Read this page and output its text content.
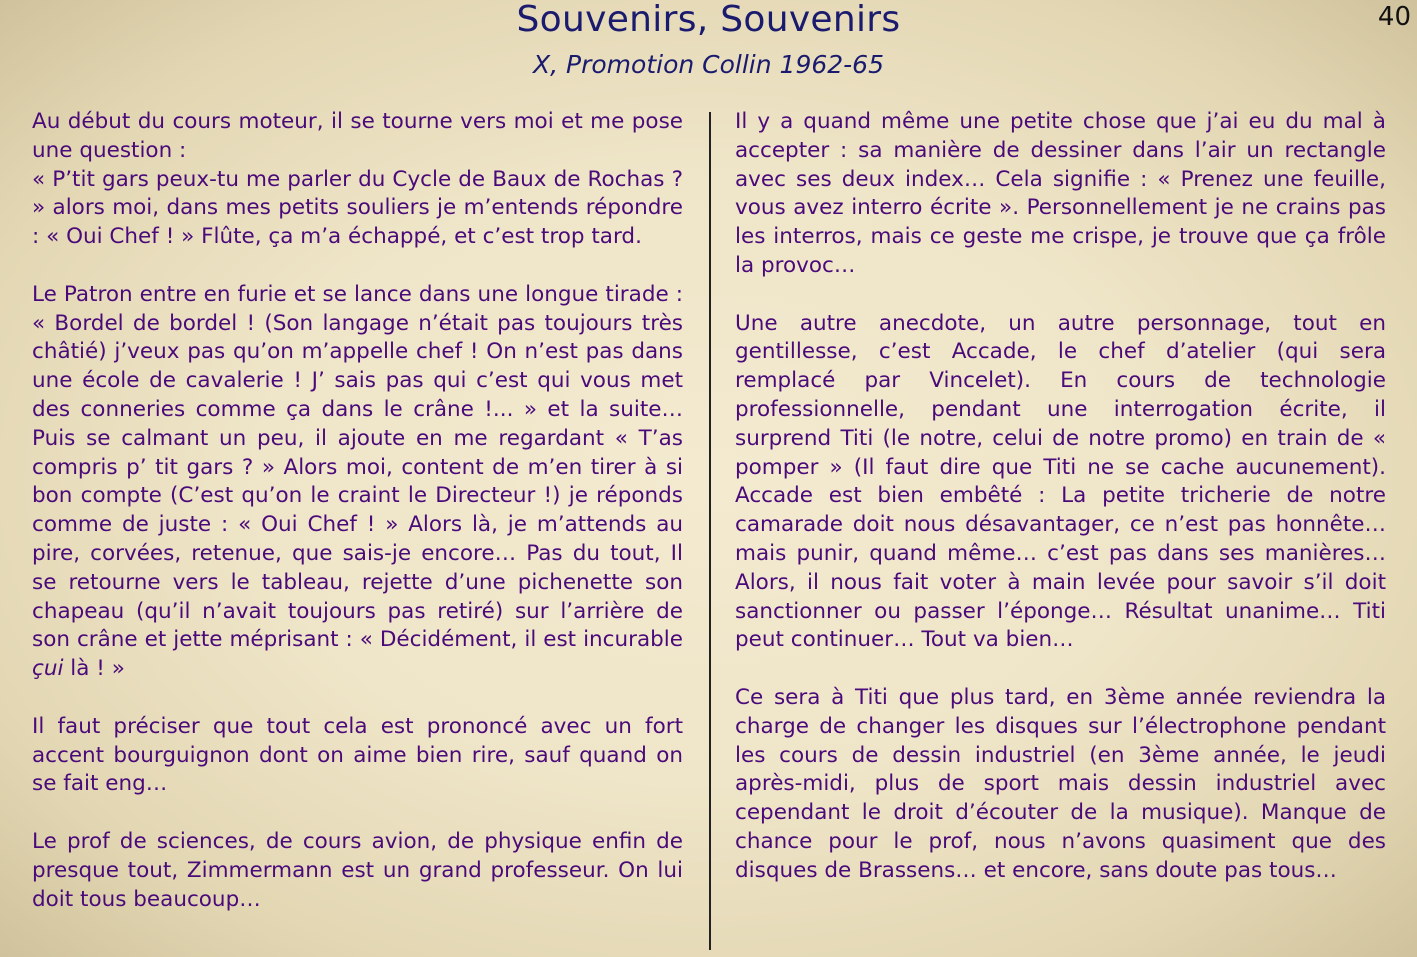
40
Souvenirs, Souvenirs
X, Promotion Collin 1962-65

Au début du cours moteur, il se tourne vers moi et me pose une question :
« P’tit gars peux-tu me parler du Cycle de Baux de Rochas ? » alors moi, dans mes petits souliers je m’entends répondre : « Oui Chef ! » Flûte, ça m’a échappé, et c’est trop tard.

Le Patron entre en furie et se lance dans une longue tirade : « Bordel de bordel ! (Son langage n’était pas toujours très châtié) j’veux pas qu’on m’appelle chef ! On n’est pas dans une école de cavalerie ! J’ sais pas qui c’est qui vous met des conneries comme ça dans le crâne !... » et la suite… Puis se calmant un peu, il ajoute en me regardant « T’as compris p’ tit gars ? » Alors moi, content de m’en tirer à si bon compte (C’est qu’on le craint le Directeur !) je réponds comme de juste : « Oui Chef ! » Alors là, je m’attends au pire, corvées, retenue, que sais-je encore… Pas du tout, Il se retourne vers le tableau, rejette d’une pichenette son chapeau (qu’il n’avait toujours pas retiré) sur l’arrière de son crâne et jette méprisant : « Décidément, il est incurable çui là ! »

Il faut préciser que tout cela est prononcé avec un fort accent bourguignon dont on aime bien rire, sauf quand on se fait eng…

Le prof de sciences, de cours avion, de physique enfin de presque tout, Zimmermann est un grand professeur. On lui doit tous beaucoup…

Il y a quand même une petite chose que j’ai eu du mal à accepter : sa manière de dessiner dans l’air un rectangle avec ses deux index… Cela signifie : « Prenez une feuille, vous avez interro écrite ». Personnellement je ne crains pas les interros, mais ce geste me crispe, je trouve que ça frôle la provoc…

Une autre anecdote, un autre personnage, tout en gentillesse, c’est Accade, le chef d’atelier (qui sera remplacé par Vincelet). En cours de technologie professionnelle, pendant une interrogation écrite, il surprend Titi (le notre, celui de notre promo) en train de « pomper » (Il faut dire que Titi ne se cache aucunement). Accade est bien embêté : La petite tricherie de notre camarade doit nous désavantager, ce n’est pas honnête… mais punir, quand même… c’est pas dans ses manières… Alors, il nous fait voter à main levée pour savoir s’il doit sanctionner ou passer l’éponge… Résultat unanime… Titi peut continuer… Tout va bien…

Ce sera à Titi que plus tard, en 3ème année reviendra la charge de changer les disques sur l’électrophone pendant les cours de dessin industriel (en 3ème année, le jeudi après-midi, plus de sport mais dessin industriel avec cependant le droit d’écouter de la musique). Manque de chance pour le prof, nous n’avons quasiment que des disques de Brassens… et encore, sans doute pas tous…
